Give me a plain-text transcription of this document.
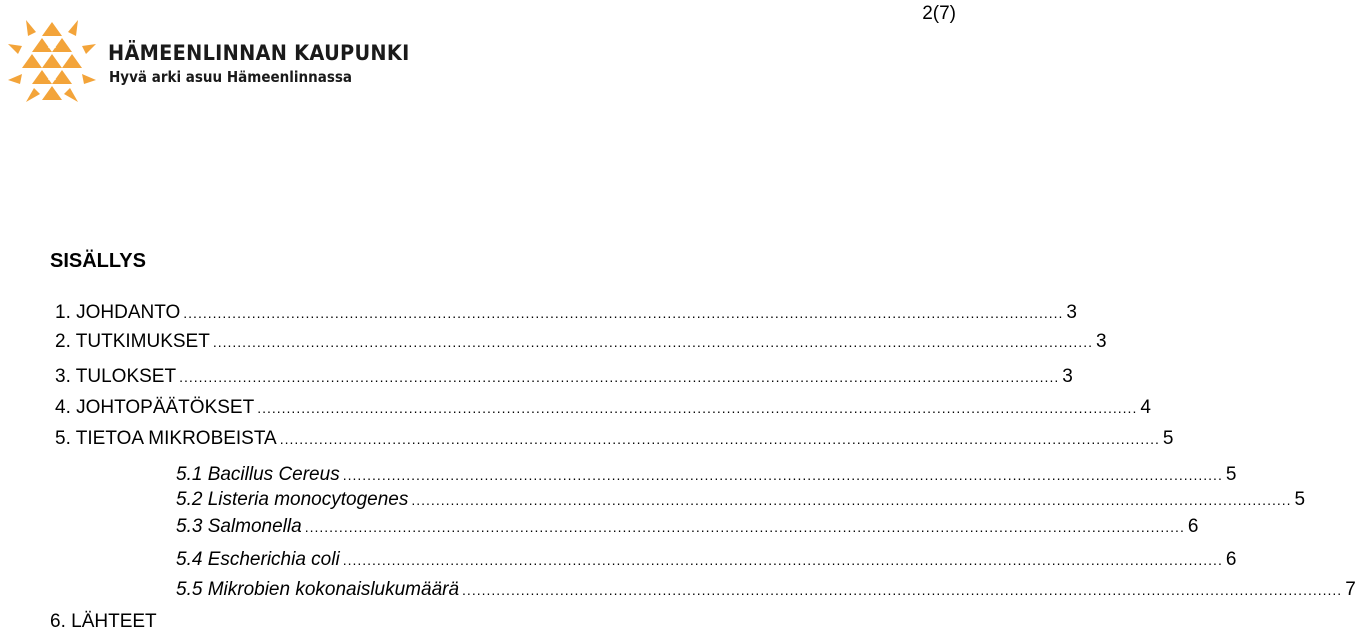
2(7)
HÄMEENLINNAN KAUPUNKI
Hyvä arki asuu Hämeenlinnassa
SISÄLLYS
1. JOHDANTO .................................................................................................................................................................................... 3
2. TUTKIMUKSET .................................................................................................................................................................................... 3
3. TULOKSET .................................................................................................................................................................................... 3
4. JOHTOPÄÄTÖKSET .................................................................................................................................................................................... 4
5. TIETOA MIKROBEISTA .................................................................................................................................................................................... 5
5.1 Bacillus Cereus .................................................................................................................................................................................... 5
5.2 Listeria monocytogenes .................................................................................................................................................................................... 5
5.3 Salmonella .................................................................................................................................................................................... 6
5.4 Escherichia coli .................................................................................................................................................................................... 6
5.5 Mikrobien kokonaislukumäärä .................................................................................................................................................................................... 7
6. LÄHTEET
